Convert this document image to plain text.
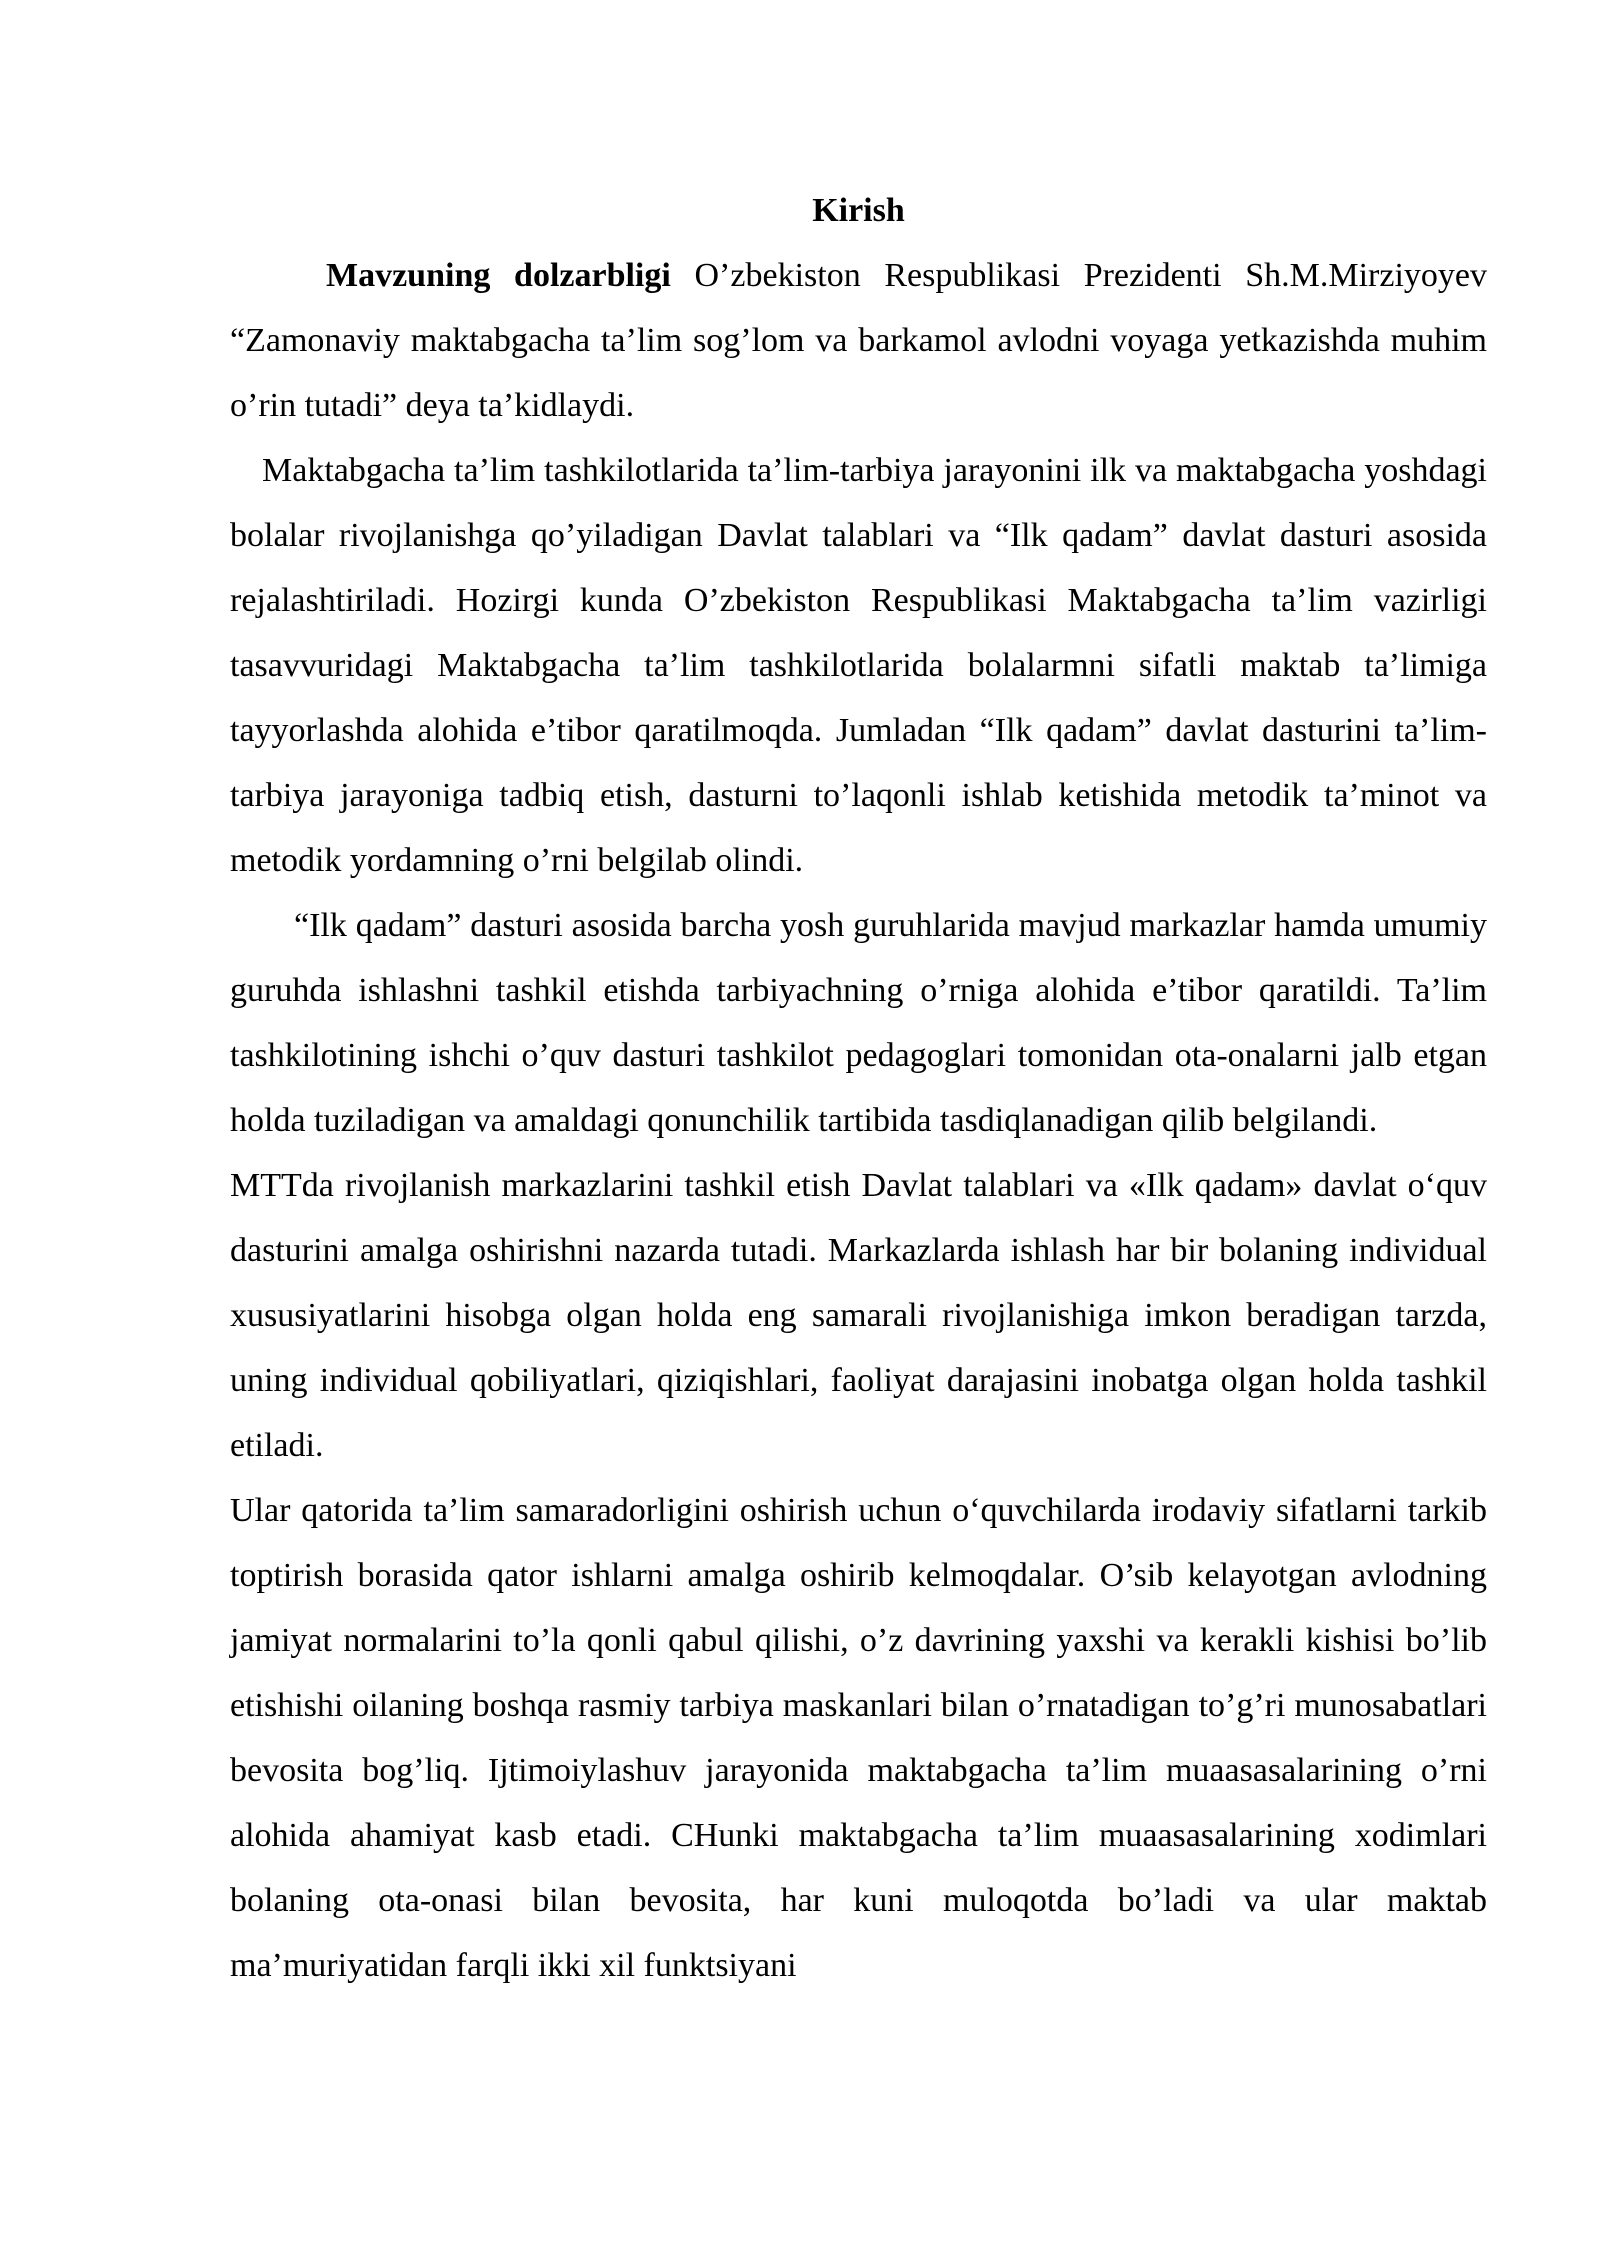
Kirish

Mavzuning dolzarbligi O’zbekiston Respublikasi Prezidenti Sh.M.Mirziyoyev “Zamonaviy maktabgacha ta’lim sog’lom va barkamol avlodni voyaga yetkazishda muhim o’rin tutadi” deya ta’kidlaydi.

Maktabgacha ta’lim tashkilotlarida ta’lim-tarbiya jarayonini ilk va maktabgacha yoshdagi bolalar rivojlanishga qo’yiladigan Davlat talablari va “Ilk qadam” davlat dasturi asosida rejalashtiriladi. Hozirgi kunda O’zbekiston Respublikasi Maktabgacha ta’lim vazirligi tasavvuridagi Maktabgacha ta’lim tashkilotlarida bolalarmni sifatli maktab ta’limiga tayyorlashda alohida e’tibor qaratilmoqda. Jumladan “Ilk qadam” davlat dasturini ta’lim-tarbiya jarayoniga tadbiq etish, dasturni to’laqonli ishlab ketishida metodik ta’minot va metodik yordamning o’rni belgilab olindi.

“Ilk qadam” dasturi asosida barcha yosh guruhlarida mavjud markazlar hamda umumiy guruhda ishlashni tashkil etishda tarbiyachning o’rniga alohida e’tibor qaratildi. Ta’lim tashkilotining ishchi o’quv dasturi tashkilot pedagoglari tomonidan ota-onalarni jalb etgan holda tuziladigan va amaldagi qonunchilik tartibida tasdiqlanadigan qilib belgilandi.

MTTda rivojlanish markazlarini tashkil etish Davlat talablari va «Ilk qadam» davlat o‘quv dasturini amalga oshirishni nazarda tutadi. Markazlarda ishlash har bir bolaning individual xususiyatlarini hisobga olgan holda eng samarali rivojlanishiga imkon beradigan tarzda, uning individual qobiliyatlari, qiziqishlari, faoliyat darajasini inobatga olgan holda tashkil etiladi.

Ular qatorida ta’lim samaradorligini oshirish uchun o‘quvchilarda irodaviy sifatlarni tarkib toptirish borasida qator ishlarni amalga oshirib kelmoqdalar. O’sib kelayotgan avlodning jamiyat normalarini to’la qonli qabul qilishi, o’z davrining yaxshi va kerakli kishisi bo’lib etishishi oilaning boshqa rasmiy tarbiya maskanlari bilan o’rnatadigan to’g’ri munosabatlari bevosita bog’liq. Ijtimoiylashuv jarayonida maktabgacha ta’lim muaasasalarining o’rni alohida ahamiyat kasb etadi. CHunki maktabgacha ta’lim muaasasalarining xodimlari bolaning ota-onasi bilan bevosita, har kuni muloqotda bo’ladi va ular maktab ma’muriyatidan farqli ikki xil funktsiyani
